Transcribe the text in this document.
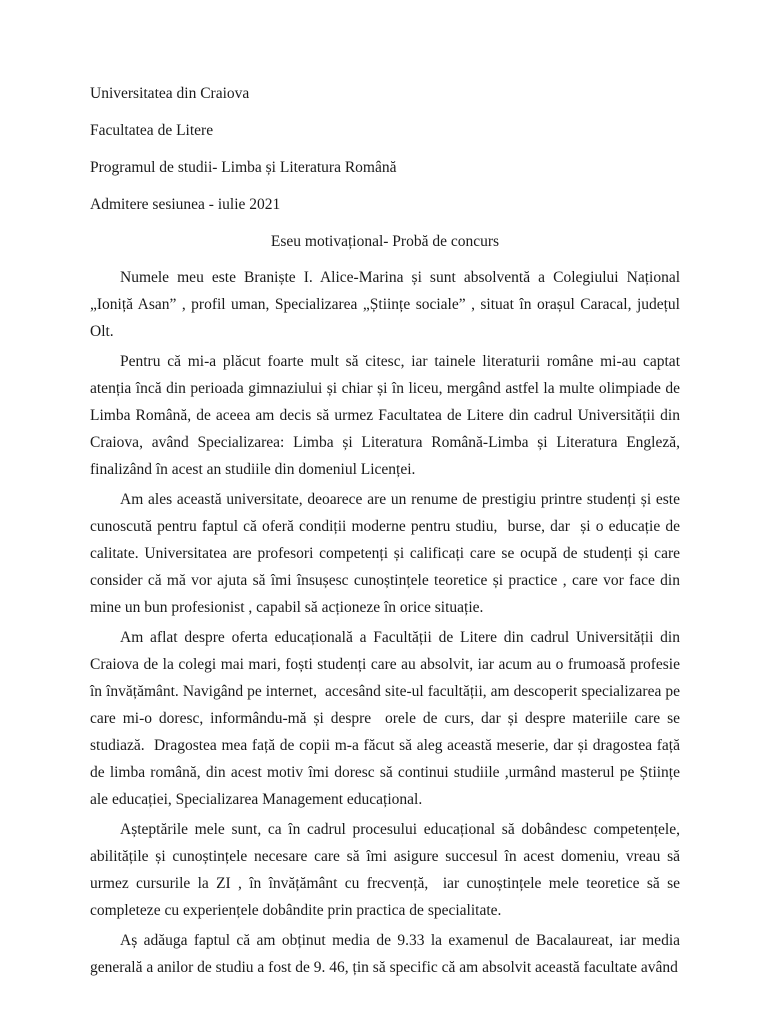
Universitatea din Craiova

Facultatea de Litere

Programul de studii- Limba și Literatura Română

Admitere sesiunea - iulie 2021

Eseu motivațional- Probă de concurs

Numele meu este Braniște I. Alice-Marina și sunt absolventă a Colegiului Național „Ioniță Asan” , profil uman, Specializarea „Științe sociale” , situat în orașul Caracal, județul Olt.

Pentru că mi-a plăcut foarte mult să citesc, iar tainele literaturii române mi-au captat atenția încă din perioada gimnaziului și chiar și în liceu, mergând astfel la multe olimpiade de Limba Română, de aceea am decis să urmez Facultatea de Litere din cadrul Universității din Craiova, având Specializarea: Limba și Literatura Română-Limba și Literatura Engleză, finalizând în acest an studiile din domeniul Licenței.

Am ales această universitate, deoarece are un renume de prestigiu printre studenți și este cunoscută pentru faptul că oferă condiții moderne pentru studiu,  burse, dar  și o educație de calitate. Universitatea are profesori competenți și calificați care se ocupă de studenți și care consider că mă vor ajuta să îmi însușesc cunoștințele teoretice și practice , care vor face din mine un bun profesionist , capabil să acționeze în orice situație.

Am aflat despre oferta educațională a Facultății de Litere din cadrul Universității din Craiova de la colegi mai mari, foști studenți care au absolvit, iar acum au o frumoasă profesie în învățământ. Navigând pe internet,  accesând site-ul facultății, am descoperit specializarea pe care mi-o doresc, informându-mă și despre  orele de curs, dar și despre materiile care se studiază.  Dragostea mea față de copii m-a făcut să aleg această meserie, dar și dragostea față de limba română, din acest motiv îmi doresc să continui studiile ,urmând masterul pe Științe ale educației, Specializarea Management educațional.

Așteptările mele sunt, ca în cadrul procesului educațional să dobândesc competențele, abilitățile și cunoștințele necesare care să îmi asigure succesul în acest domeniu, vreau să urmez cursurile la ZI , în învățământ cu frecvență,  iar cunoștințele mele teoretice să se completeze cu experiențele dobândite prin practica de specialitate.

Aș adăuga faptul că am obținut media de 9.33 la examenul de Bacalaureat, iar media generală a anilor de studiu a fost de 9. 46, țin să specific că am absolvit această facultate având
